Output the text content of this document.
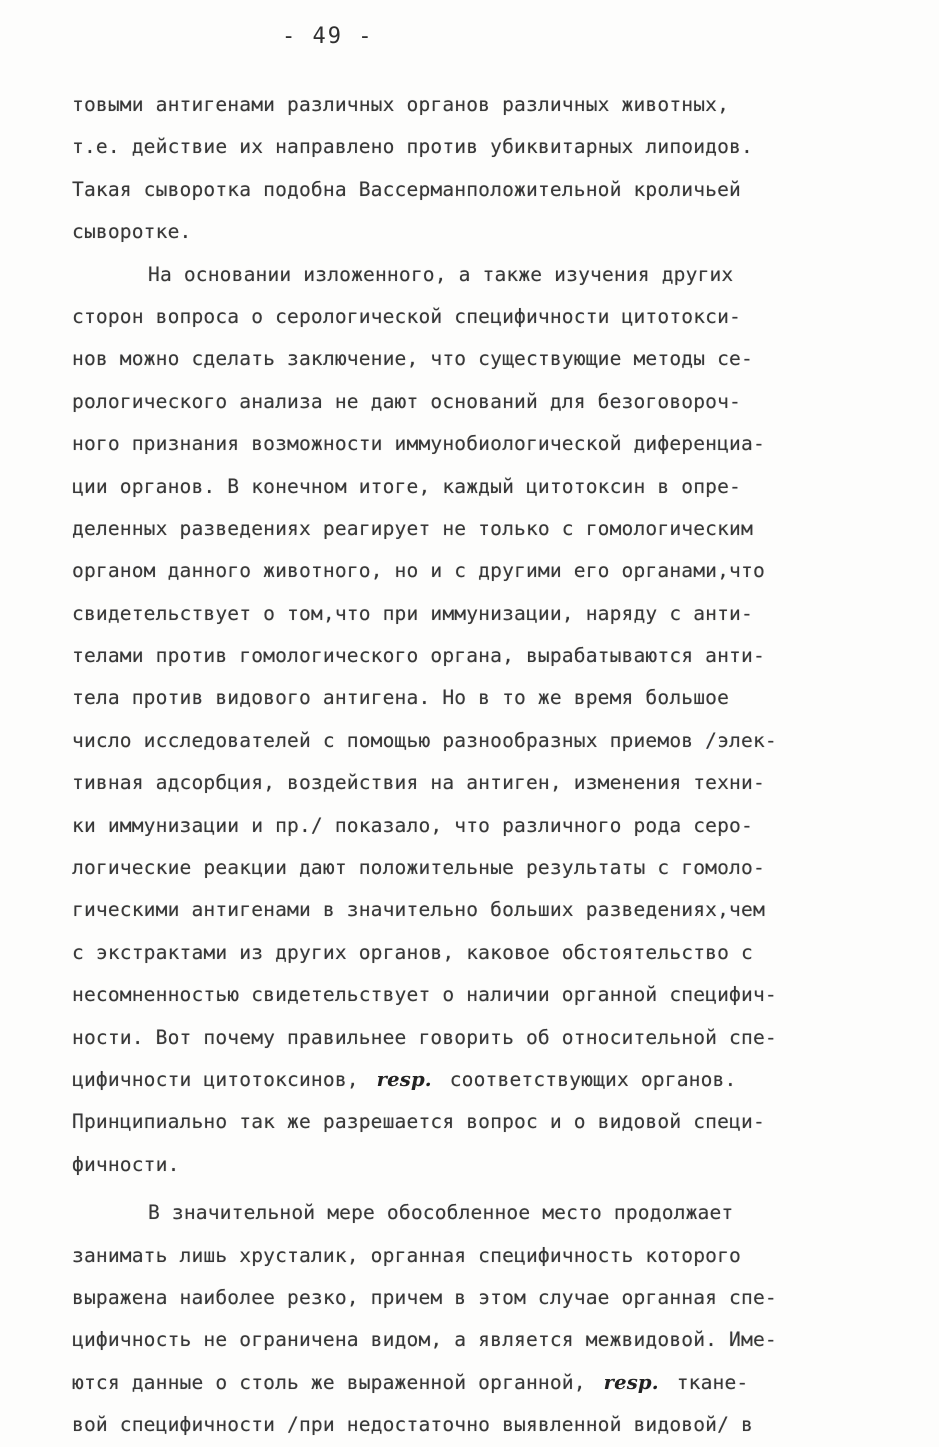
- 49 -
товыми антигенами различных органов различных животных,
т.е. действие их направлено против убиквитарных липоидов.
Такая сыворотка подобна Вассерманположительной кроличьей
сыворотке.
На основании изложенного, а также изучения других
сторон вопроса о серологической специфичности цитотокси-
нов можно сделать заключение, что существующие методы се-
рологического анализа не дают оснований для безоговороч-
ного признания возможности иммунобиологической диференциа-
ции органов. В конечном итоге, каждый цитотоксин в опре-
деленных разведениях реагирует не только с гомологическим
органом данного животного, но и с другими его органами,что
свидетельствует о том,что при иммунизации, наряду с анти-
телами против гомологического органа, вырабатываются анти-
тела против видового антигена. Но в то же время большое
число исследователей с помощью разнообразных приемов /элек-
тивная адсорбция, воздействия на антиген, изменения техни-
ки иммунизации и пр./ показало, что различного рода серо-
логические реакции дают положительные результаты с гомоло-
гическими антигенами в значительно больших разведениях,чем
с экстрактами из других органов, каковое обстоятельство с
несомненностью свидетельствует о наличии органной специфич-
ности. Вот почему правильнее говорить об относительной спе-
цифичности цитотоксинов, resp. соответствующих органов.
Принципиально так же разрешается вопрос и о видовой специ-
фичности.
В значительной мере обособленное место продолжает
занимать лишь хрусталик, органная специфичность которого
выражена наиболее резко, причем в этом случае органная спе-
цифичность не ограничена видом, а является межвидовой. Име-
ются данные о столь же выраженной органной, resp. ткане-
вой специфичности /при недостаточно выявленной видовой/ в
